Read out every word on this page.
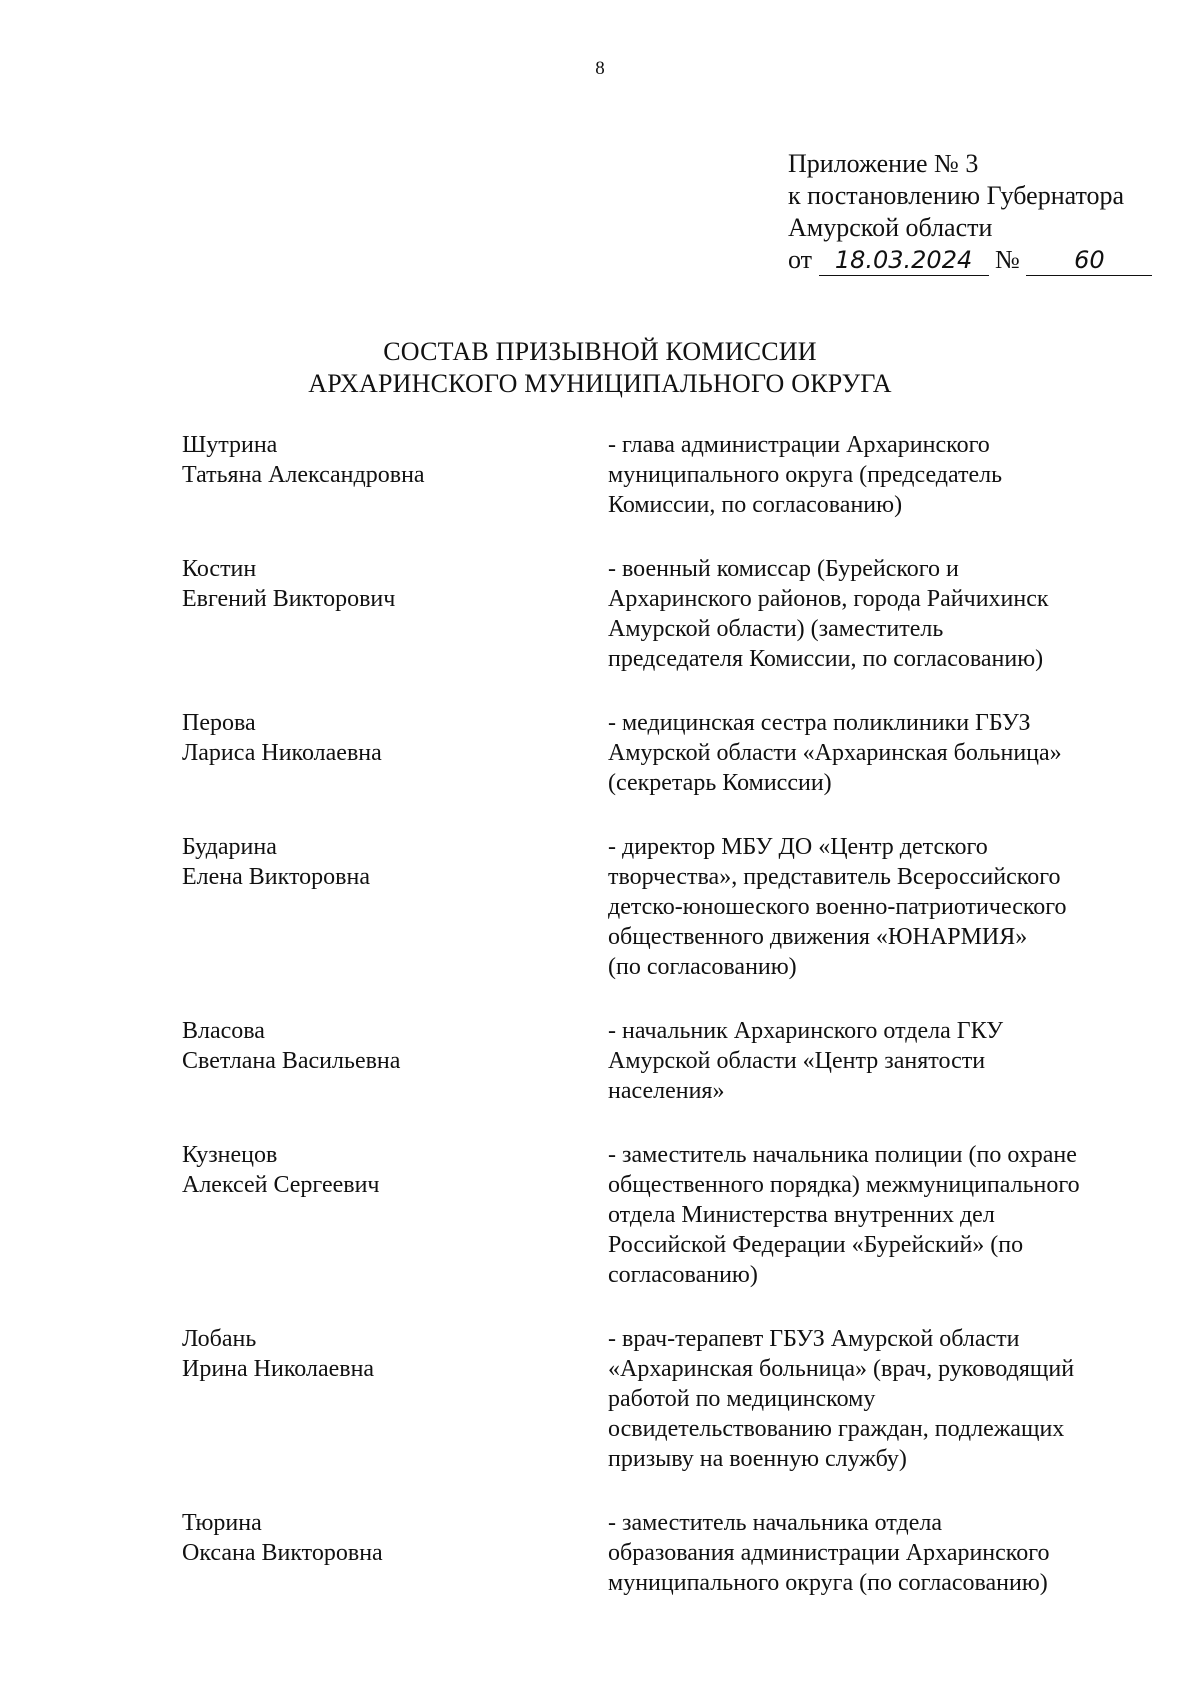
8
Приложение № 3
к постановлению Губернатора
Амурской области
от 18.03.2024 № 60
СОСТАВ ПРИЗЫВНОЙ КОМИССИИ
АРХАРИНСКОГО МУНИЦИПАЛЬНОГО ОКРУГА
Шутрина
Татьяна Александровна
- глава администрации Архаринского
муниципального округа (председатель
Комиссии, по согласованию)
Костин
Евгений Викторович
- военный комиссар (Бурейского и
Архаринского районов, города Райчихинск
Амурской области) (заместитель
председателя Комиссии, по согласованию)
Перова
Лариса Николаевна
- медицинская сестра поликлиники ГБУЗ
Амурской области «Архаринская больница»
(секретарь Комиссии)
Бударина
Елена Викторовна
- директор МБУ ДО «Центр детского
творчества», представитель Всероссийского
детско-юношеского военно-патриотического
общественного движения «ЮНАРМИЯ»
(по согласованию)
Власова
Светлана Васильевна
- начальник Архаринского отдела ГКУ
Амурской области «Центр занятости
населения»
Кузнецов
Алексей Сергеевич
- заместитель начальника полиции (по охране
общественного порядка) межмуниципального
отдела Министерства внутренних дел
Российской Федерации «Бурейский» (по
согласованию)
Лобань
Ирина Николаевна
- врач-терапевт ГБУЗ Амурской области
«Архаринская больница» (врач, руководящий
работой по медицинскому
освидетельствованию граждан, подлежащих
призыву на военную службу)
Тюрина
Оксана Викторовна
- заместитель начальника отдела
образования администрации Архаринского
муниципального округа (по согласованию)
